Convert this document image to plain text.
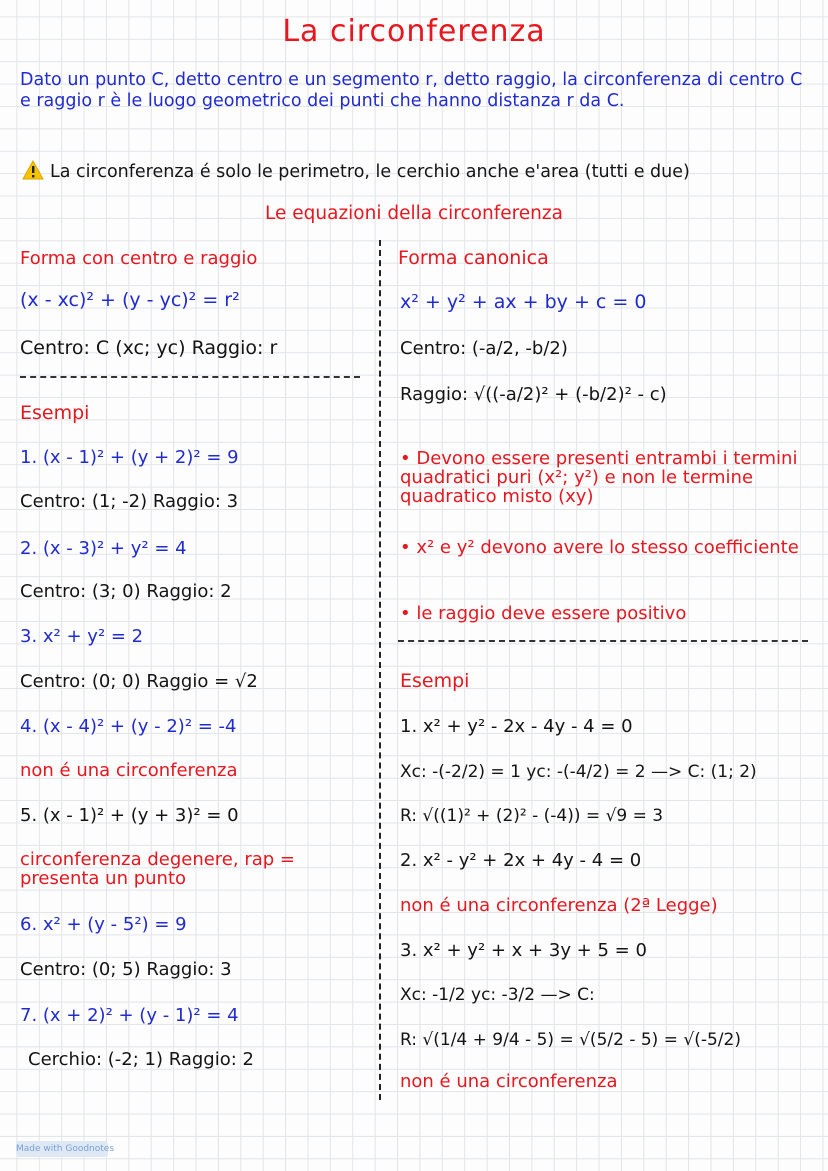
La circonferenza
Dato un punto C, detto centro e un segmento r, detto raggio, la circonferenza di centro C e raggio r è le luogo geometrico dei punti che hanno distanza r da C.
La circonferenza é solo le perimetro, le cerchio anche e'area (tutti e due)
Le equazioni della circonferenza
Forma con centro e raggio
(x - xc)² + (y - yc)² = r²
Centro: C (xc; yc) Raggio: r
Esempi
1. (x - 1)² + (y + 2)² = 9
Centro: (1; -2) Raggio: 3
2. (x - 3)² + y² = 4
Centro: (3; 0) Raggio: 2
3. x² + y² = 2
Centro: (0; 0) Raggio = √2
4. (x - 4)² + (y - 2)² = -4
non é una circonferenza
5. (x - 1)² + (y + 3)² = 0
circonferenza degenere, rap = presenta un punto
6. x² + (y - 5²) = 9
Centro: (0; 5) Raggio: 3
7. (x + 2)² + (y - 1)² = 4
Cerchio: (-2; 1) Raggio: 2
Forma canonica
x² + y² + ax + by + c = 0
Centro: (-a/2, -b/2)
Raggio: √((-a/2)² + (-b/2)² - c)
• Devono essere presenti entrambi i termini quadratici puri (x²; y²) e non le termine quadratico misto (xy)
• x² e y² devono avere lo stesso coefficiente
• le raggio deve essere positivo
Esempi
1. x² + y² - 2x - 4y - 4 = 0
Xc: -(-2/2) = 1 yc: -(-4/2) = 2 —> C: (1; 2)
R: √((1)² + (2)² - (-4)) = √9 = 3
2. x² - y² + 2x + 4y - 4 = 0
non é una circonferenza (2ª Legge)
3. x² + y² + x + 3y + 5 = 0
Xc: -1/2 yc: -3/2 —> C:
R: √(1/4 + 9/4 - 5) = √(5/2 - 5) = √(-5/2)
non é una circonferenza
Made with Goodnotes
